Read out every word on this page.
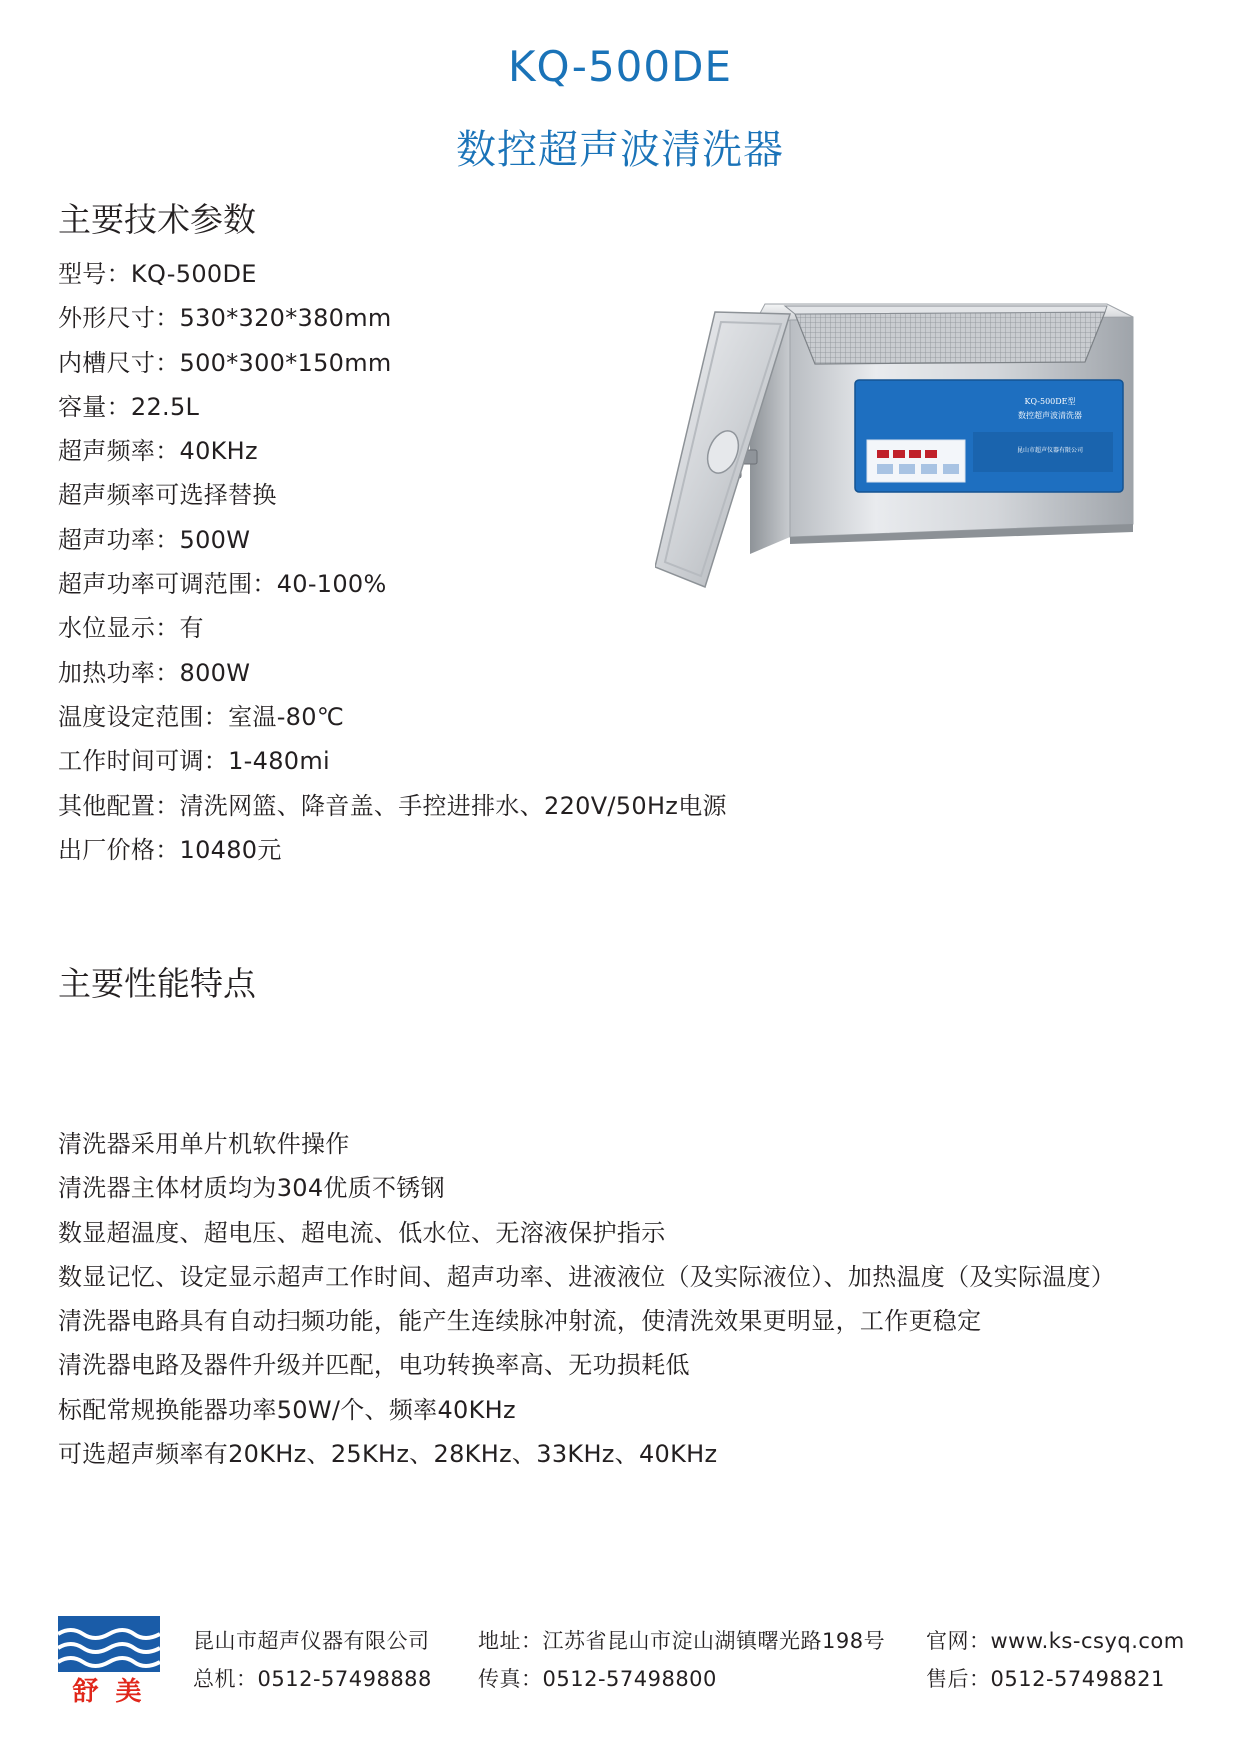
KQ-500DE
数控超声波清洗器
主要技术参数
型号：KQ-500DE
外形尺寸：530*320*380mm
内槽尺寸：500*300*150mm
容量：22.5L
超声频率：40KHz
超声频率可选择替换
超声功率：500W
超声功率可调范围：40-100%
水位显示：有
加热功率：800W
温度设定范围：室温-80℃
工作时间可调：1-480mi
其他配置：清洗网篮、降音盖、手控进排水、220V/50Hz电源
出厂价格：10480元
KQ-500DE型
数控超声波清洗器
昆山市超声仪器有限公司
主要性能特点
清洗器采用单片机软件操作
清洗器主体材质均为304优质不锈钢
数显超温度、超电压、超电流、低水位、无溶液保护指示
数显记忆、设定显示超声工作时间、超声功率、进液液位（及实际液位）、加热温度（及实际温度）
清洗器电路具有自动扫频功能，能产生连续脉冲射流，使清洗效果更明显，工作更稳定
清洗器电路及器件升级并匹配，电功转换率高、无功损耗低
标配常规换能器功率50W/个、频率40KHz
可选超声频率有20KHz、25KHz、28KHz、33KHz、40KHz
舒 美
昆山市超声仪器有限公司
总机：0512-57498888
地址：江苏省昆山市淀山湖镇曙光路198号
传真：0512-57498800
官网：www.ks-csyq.com
售后：0512-57498821
